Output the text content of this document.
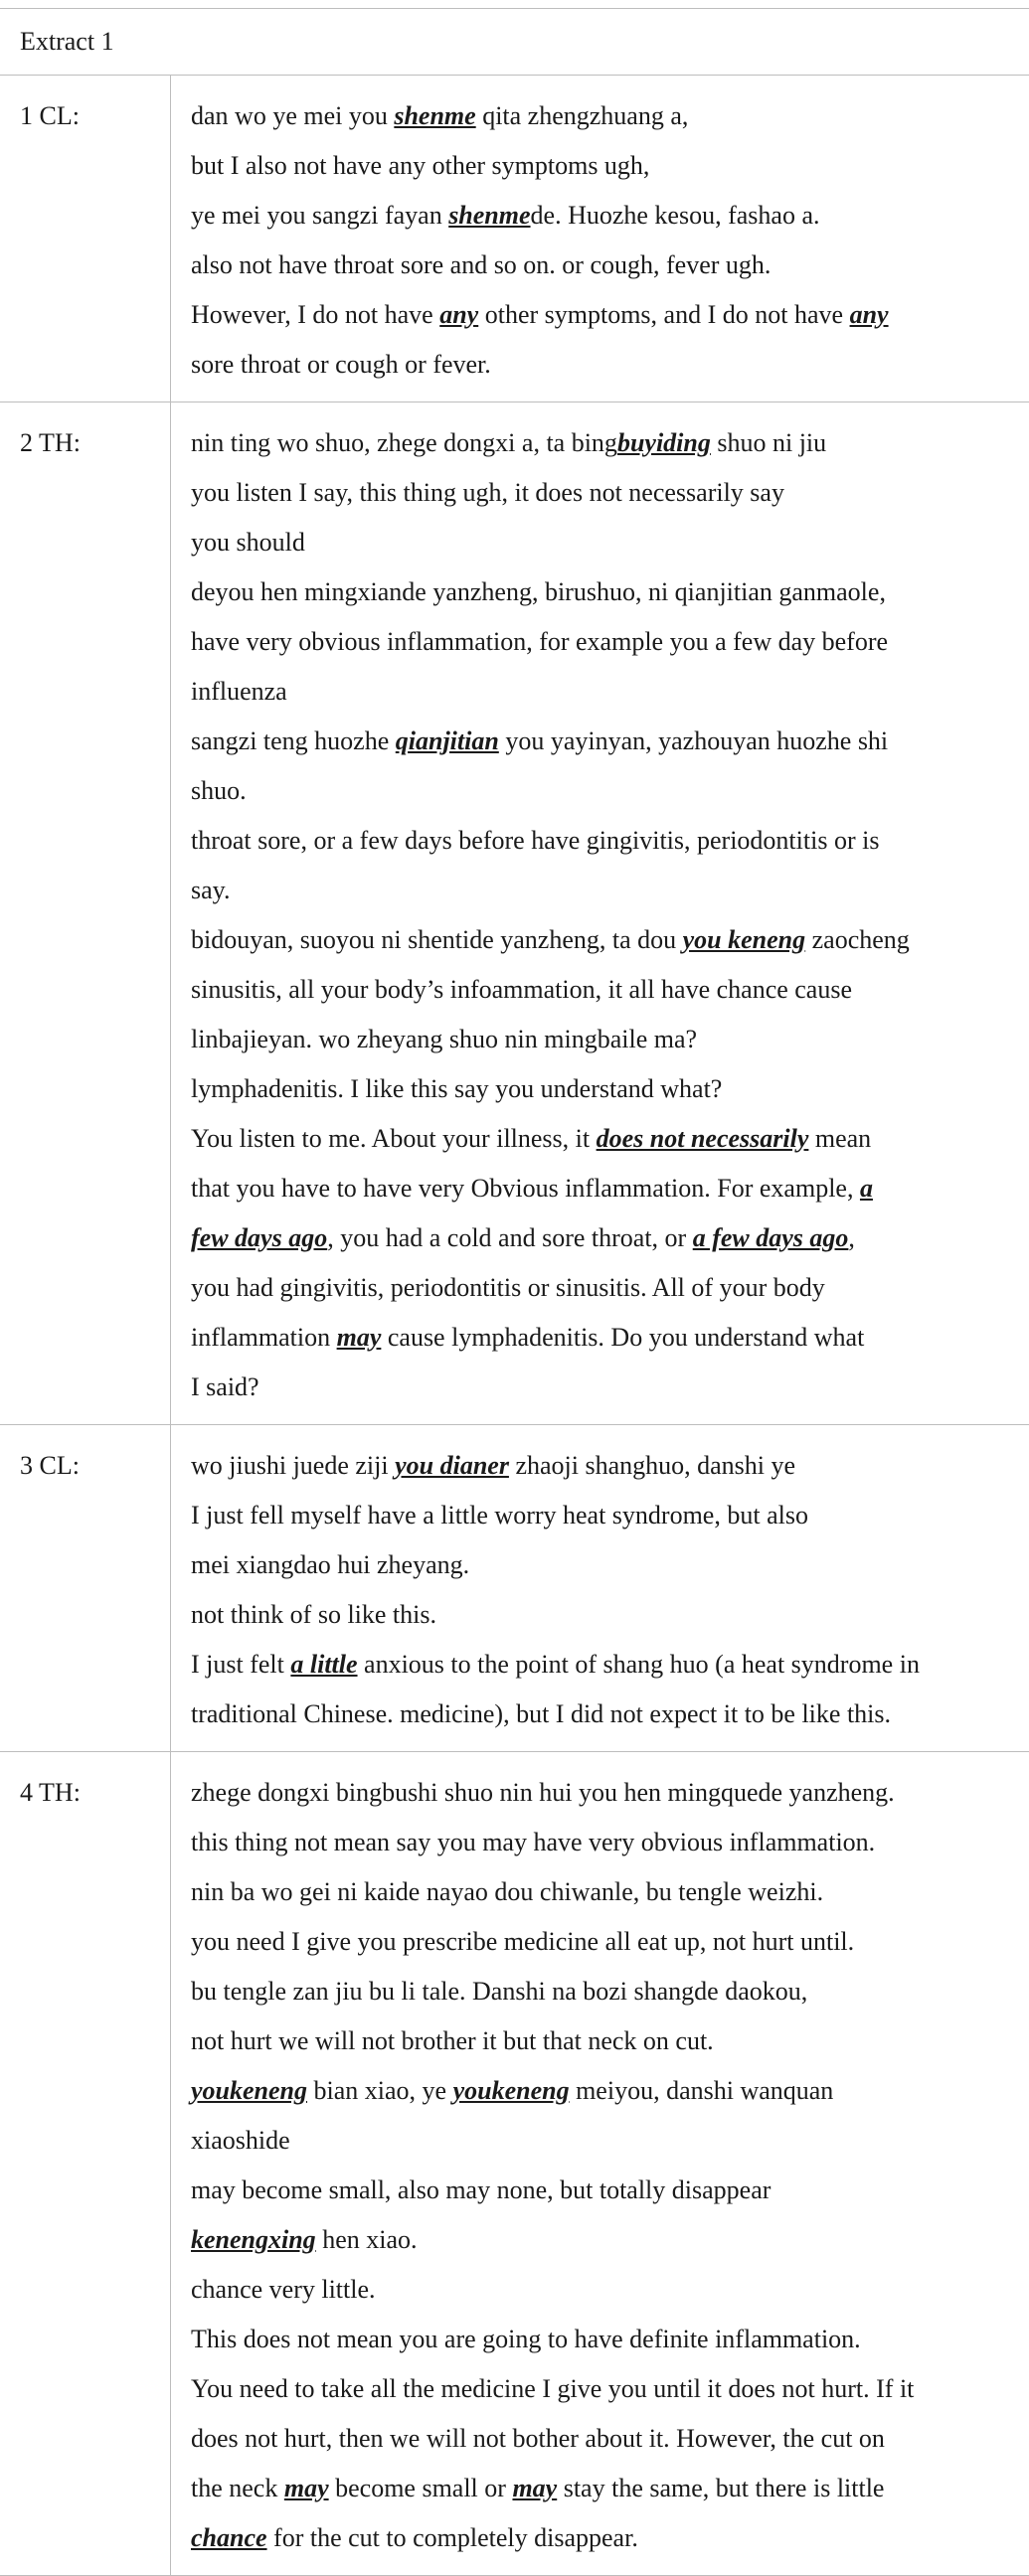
Extract 1
1 CL:	dan wo ye mei you shenme qita zhengzhuang a,
but I also not have any other symptoms ugh,
ye mei you sangzi fayan shenmede. Huozhe kesou, fashao a.
also not have throat sore and so on. or cough, fever ugh.
However, I do not have any other symptoms, and I do not have any
sore throat or cough or fever.
2 TH:	nin ting wo shuo, zhege dongxi a, ta bingbuyiding shuo ni jiu
you listen I say, this thing ugh, it does not necessarily say
you should
deyou hen mingxiande yanzheng, birushuo, ni qianjitian ganmaole,
have very obvious inflammation, for example you a few day before
influenza
sangzi teng huozhe qianjitian you yayinyan, yazhouyan huozhe shi
shuo.
throat sore, or a few days before have gingivitis, periodontitis or is
say.
bidouyan, suoyou ni shentide yanzheng, ta dou you keneng zaocheng
sinusitis, all your body’s infoammation, it all have chance cause
linbajieyan. wo zheyang shuo nin mingbaile ma?
lymphadenitis. I like this say you understand what?
You listen to me. About your illness, it does not necessarily mean
that you have to have very Obvious inflammation. For example, a
few days ago, you had a cold and sore throat, or a few days ago,
you had gingivitis, periodontitis or sinusitis. All of your body
inflammation may cause lymphadenitis. Do you understand what
I said?
3 CL:	wo jiushi juede ziji you dianer zhaoji shanghuo, danshi ye
I just fell myself have a little worry heat syndrome, but also
mei xiangdao hui zheyang.
not think of so like this.
I just felt a little anxious to the point of shang huo (a heat syndrome in
traditional Chinese. medicine), but I did not expect it to be like this.
4 TH:	zhege dongxi bingbushi shuo nin hui you hen mingquede yanzheng.
this thing not mean say you may have very obvious inflammation.
nin ba wo gei ni kaide nayao dou chiwanle, bu tengle weizhi.
you need I give you prescribe medicine all eat up, not hurt until.
bu tengle zan jiu bu li tale. Danshi na bozi shangde daokou,
not hurt we will not brother it but that neck on cut.
youkeneng bian xiao, ye youkeneng meiyou, danshi wanquan
xiaoshide
may become small, also may none, but totally disappear
kenengxing hen xiao.
chance very little.
This does not mean you are going to have definite inflammation.
You need to take all the medicine I give you until it does not hurt. If it
does not hurt, then we will not bother about it. However, the cut on
the neck may become small or may stay the same, but there is little
chance for the cut to completely disappear.
